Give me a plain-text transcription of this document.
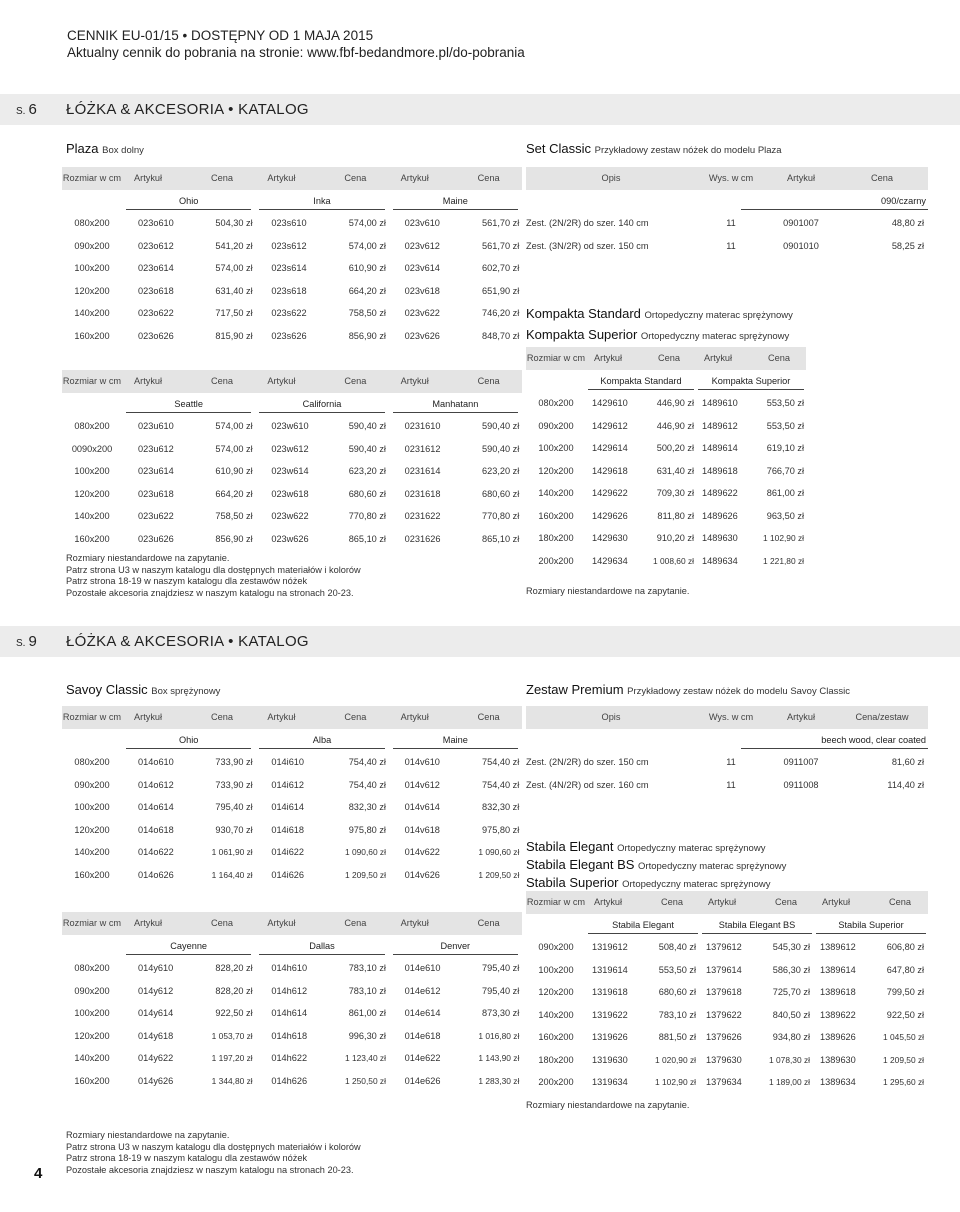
CENNIK EU-01/15 • DOSTĘPNY OD 1 MAJA 2015
Aktualny cennik do pobrania na stronie: www.fbf-bedandmore.pl/do-pobrania
S. 6 ŁÓŻKA & AKCESORIA • KATALOG
S. 9 ŁÓŻKA & AKCESORIA • KATALOG
Plaza Box dolny	Set Classic Przykładowy zestaw nóżek do modelu Plaza
Kompakta Standard Ortopedyczny materac sprężynowy
Kompakta Superior Ortopedyczny materac sprężynowy
Savoy Classic Box sprężynowy	Zestaw Premium Przykładowy zestaw nóżek do modelu Savoy Classic
Stabila Elegant Ortopedyczny materac sprężynowy
Stabila Elegant BS Ortopedyczny materac sprężynowy
Stabila Superior Ortopedyczny materac sprężynowy
Rozmiar w cm Artykuł	Cena	Artykuł	Cena	Artykuł	Cena
Ohio	Inka	Maine
080x200	023o610	504,30 zł 023s610	574,00 zł 023v610	561,70 zł
090x200	023o612	541,20 zł 023s612	574,00 zł 023v612	561,70 zł
100x200	023o614	574,00 zł 023s614	610,90 zł 023v614	602,70 zł
120x200	023o618	631,40 zł 023s618	664,20 zł 023v618	651,90 zł
140x200	023o622	717,50 zł 023s622	758,50 zł 023v622	746,20 zł
160x200	023o626	815,90 zł 023s626	856,90 zł 023v626	848,70 zł
Rozmiar w cm Artykuł	Cena	Artykuł	Cena	Artykuł	Cena
Seattle	California	Manhatann
080x200	023u610	574,00 zł 023w610	590,40 zł 0231610	590,40 zł
0090x200	023u612	574,00 zł 023w612	590,40 zł 0231612	590,40 zł
100x200	023u614	610,90 zł 023w614	623,20 zł 0231614	623,20 zł
120x200	023u618	664,20 zł 023w618	680,60 zł 0231618	680,60 zł
140x200	023u622	758,50 zł 023w622	770,80 zł 0231622	770,80 zł
160x200	023u626	856,90 zł 023w626	865,10 zł 0231626	865,10 zł
Rozmiar w cm Artykuł	Cena	Artykuł	Cena	Artykuł	Cena
Ohio	Alba	Maine
080x200	014o610	733,90 zł 014i610	754,40 zł 014v610	754,40 zł
090x200	014o612	733,90 zł 014i612	754,40 zł 014v612	754,40 zł
100x200	014o614	795,40 zł 014i614	832,30 zł 014v614	832,30 zł
120x200	014o618	930,70 zł 014i618	975,80 zł 014v618	975,80 zł
140x200	014o622	1 061,90 zł 014i622	1 090,60 zł 014v622	1 090,60 zł
160x200	014o626	1 164,40 zł 014i626	1 209,50 zł 014v626	1 209,50 zł
Rozmiar w cm Artykuł	Cena	Artykuł	Cena	Artykuł	Cena
Cayenne	Dallas	Denver
080x200	014y610	828,20 zł 014h610	783,10 zł 014e610	795,40 zł
090x200	014y612	828,20 zł 014h612	783,10 zł 014e612	795,40 zł
100x200	014y614	922,50 zł 014h614	861,00 zł 014e614	873,30 zł
120x200	014y618	1 053,70 zł 014h618	996,30 zł 014e618	1 016,80 zł
140x200	014y622	1 197,20 zł 014h622	1 123,40 zł 014e622	1 143,90 zł
160x200	014y626	1 344,80 zł 014h626	1 250,50 zł 014e626	1 283,30 zł
Opis	Wys. w cm	Artykuł	Cena
090/czarny
Zest. (2N/2R) do szer. 140 cm	11	0901007	48,80 zł
Zest. (3N/2R) od szer. 150 cm	11	0901010	58,25 zł
Opis	Wys. w cm	Artykuł	Cena/zestaw
beech wood, clear coated
Zest. (2N/2R) do szer. 150 cm	11	0911007	81,60 zł
Zest. (4N/2R) od szer. 160 cm	11	0911008	114,40 zł
Rozmiar w cm Artykuł	Cena	Artykuł	Cena
Kompakta Standard	Kompakta Superior
080x200	1429610	446,90 zł 1489610	553,50 zł
090x200	1429612	446,90 zł 1489612	553,50 zł
100x200	1429614	500,20 zł 1489614	619,10 zł
120x200	1429618	631,40 zł 1489618	766,70 zł
140x200	1429622	709,30 zł 1489622	861,00 zł
160x200	1429626	811,80 zł 1489626	963,50 zł
180x200	1429630	910,20 zł 1489630	1 102,90 zł
200x200	1429634	1 008,60 zł 1489634	1 221,80 zł
Rozmiar w cm Artykuł	Cena	Artykuł	Cena	Artykuł	Cena
Stabila Elegant	Stabila Elegant BS	Stabila Superior
090x200	1319612	508,40 zł 1379612	545,30 zł 1389612	606,80 zł
100x200	1319614	553,50 zł 1379614	586,30 zł 1389614	647,80 zł
120x200	1319618	680,60 zł 1379618	725,70 zł 1389618	799,50 zł
140x200	1319622	783,10 zł 1379622	840,50 zł 1389622	922,50 zł
160x200	1319626	881,50 zł 1379626	934,80 zł 1389626	1 045,50 zł
180x200	1319630	1 020,90 zł 1379630	1 078,30 zł 1389630	1 209,50 zł
200x200	1319634	1 102,90 zł 1379634	1 189,00 zł 1389634	1 295,60 zł
Rozmiary niestandardowe na zapytanie.
Patrz strona U3 w naszym katalogu dla dostępnych materiałów i kolorów
Patrz strona 18-19 w naszym katalogu dla zestawów nóżek
Pozostałe akcesoria znajdziesz w naszym katalogu na stronach 20-23.	Rozmiary niestandardowe na zapytanie.
Rozmiary niestandardowe na zapytanie.
Patrz strona U3 w naszym katalogu dla dostępnych materiałów i kolorów
Patrz strona 18-19 w naszym katalogu dla zestawów nóżek
Pozostałe akcesoria znajdziesz w naszym katalogu na stronach 20-23.
Rozmiary niestandardowe na zapytanie.
4
